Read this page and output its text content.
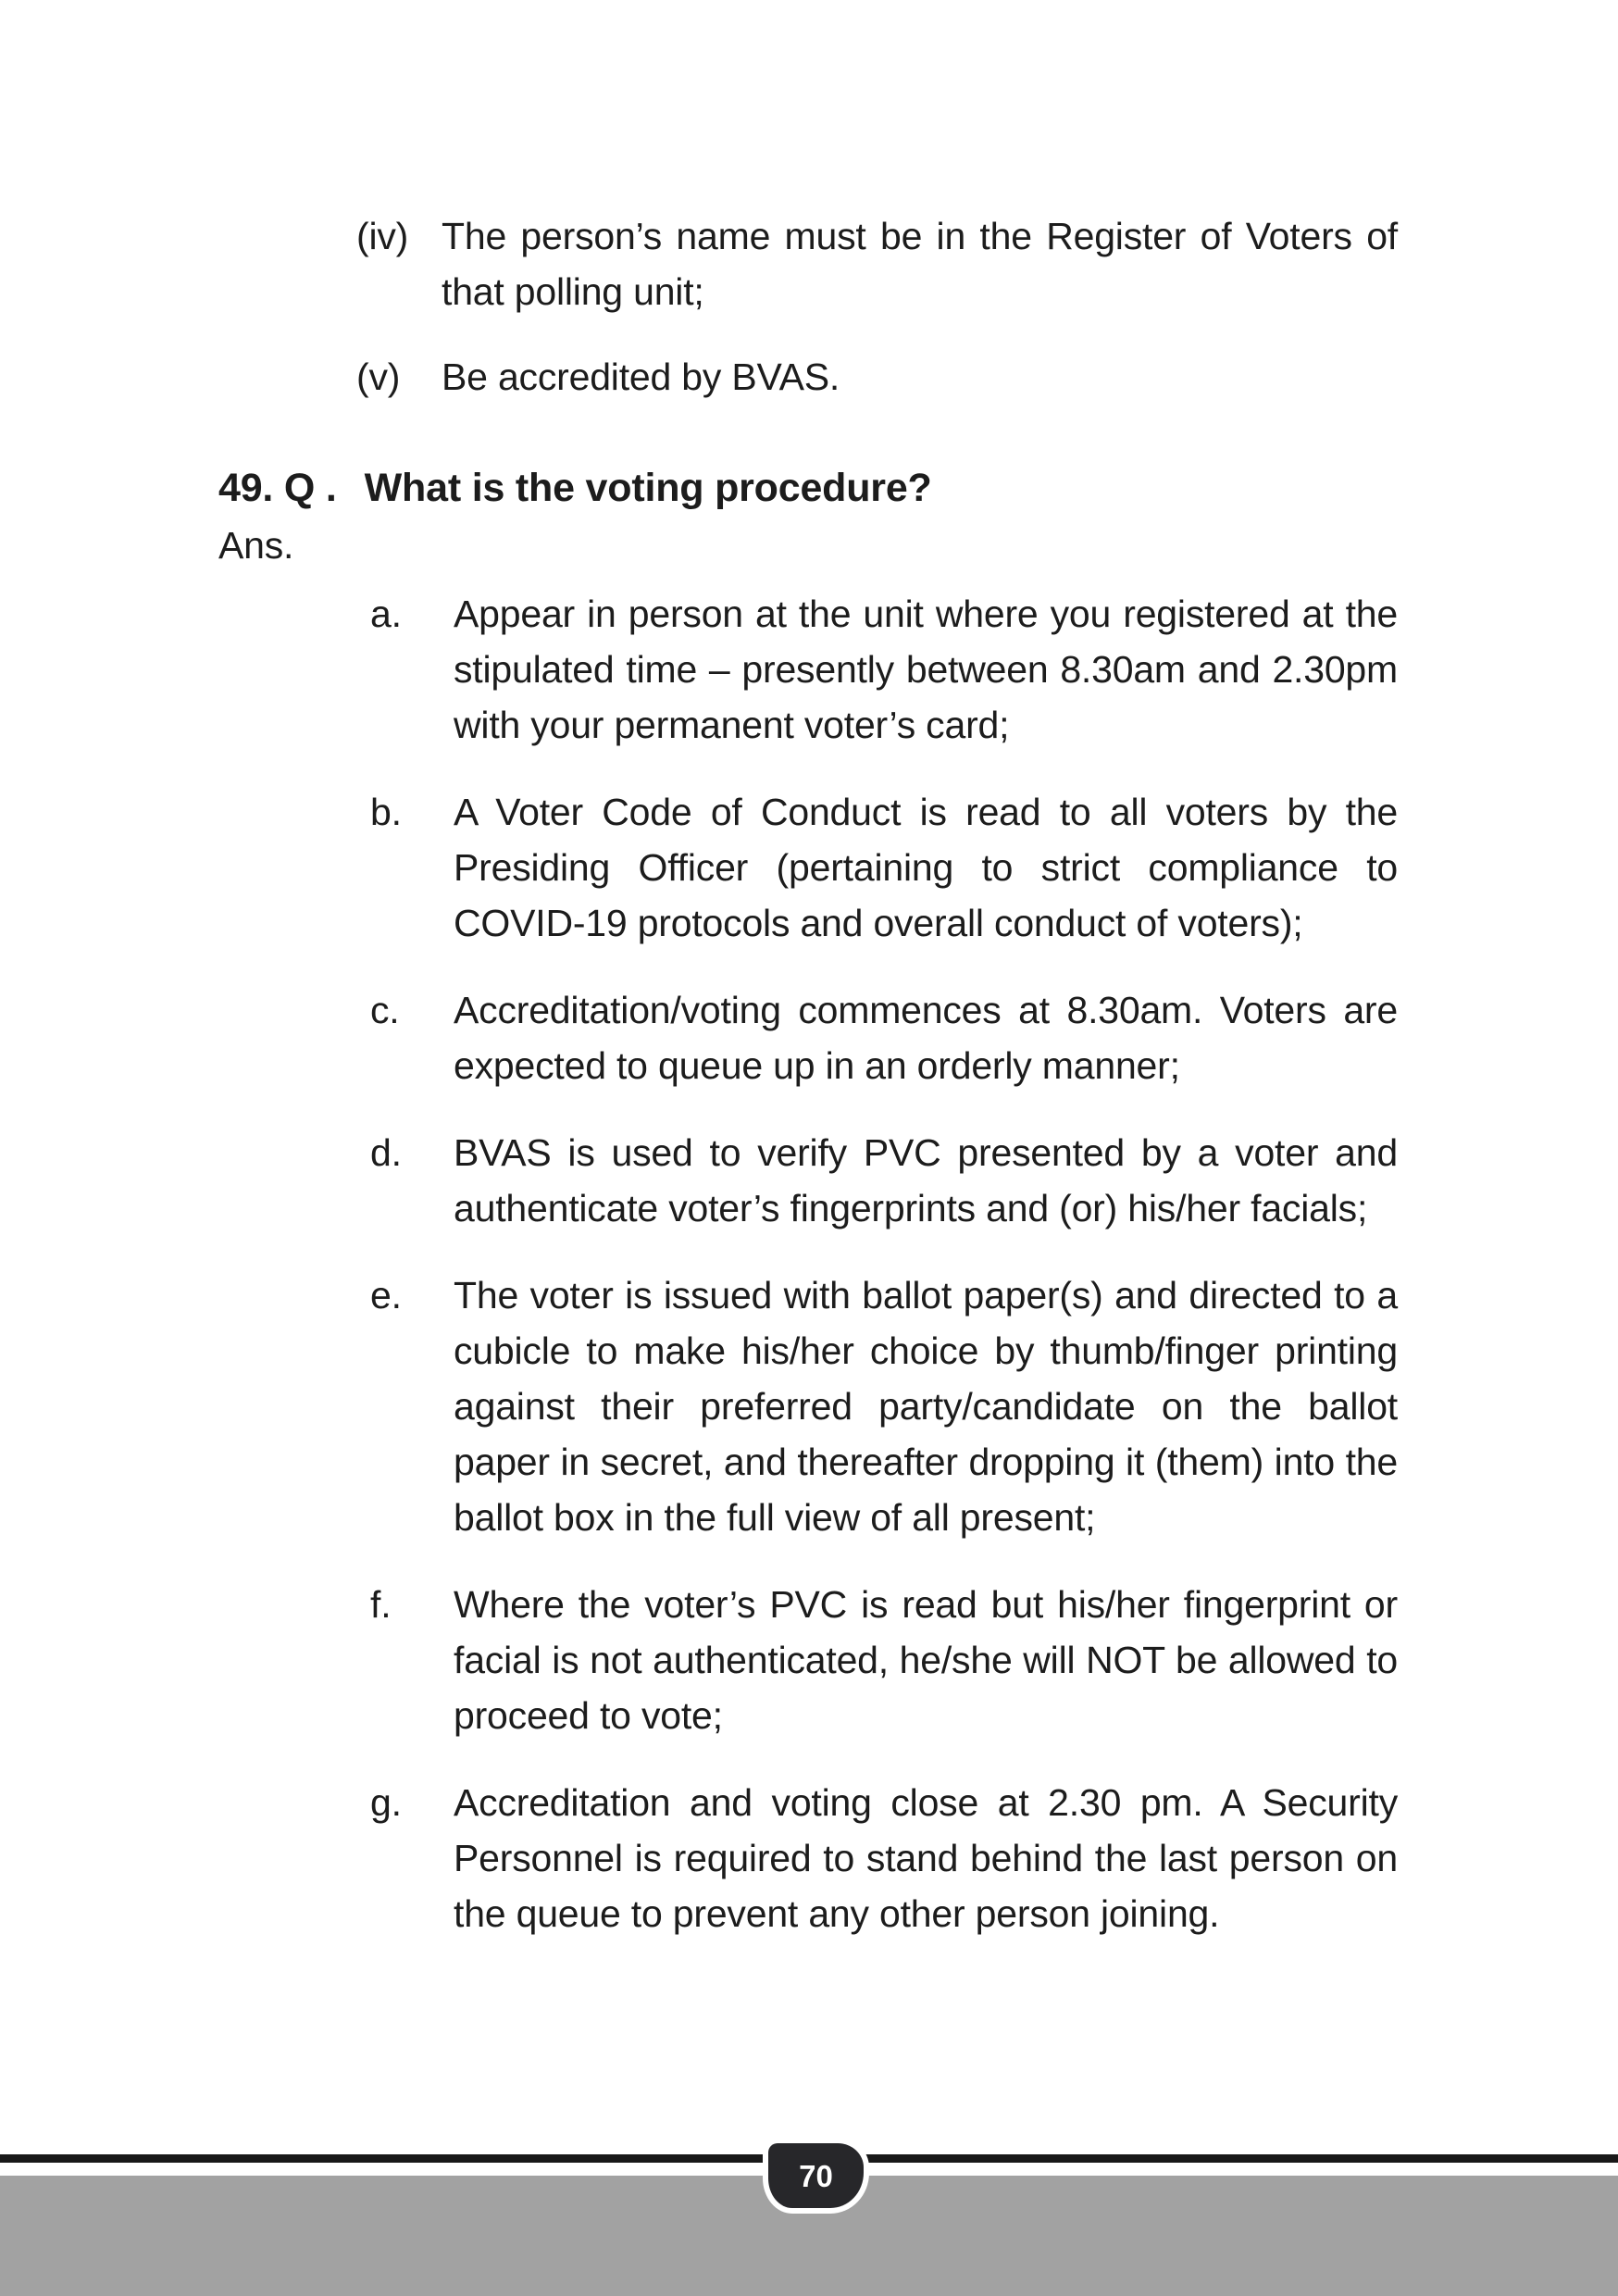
(iv) The person’s name must be in the Register of Voters of that polling unit;
(v)	Be accredited by BVAS.
49. Q . What is the voting procedure?
Ans.
a.	Appear in person at the unit where you registered at the stipulated time – presently between 8.30am and 2.30pm with your permanent voter’s card;
b.	A Voter Code of Conduct is read to all voters by the Presiding Officer (pertaining to strict compliance to COVID-19 protocols and overall conduct of voters);
c.	Accreditation/voting commences at 8.30am. Voters are expected to queue up in an orderly manner;
d.	BVAS is used to verify PVC presented by a voter and authenticate voter’s fingerprints and (or) his/her facials;
e.	The voter is issued with ballot paper(s) and directed to a cubicle to make his/her choice by thumb/finger printing against their preferred party/candidate on the ballot paper in secret, and thereafter dropping it (them) into the ballot box in the full view of all present;
f.	Where the voter’s PVC is read but his/her fingerprint or facial is not authenticated, he/she will NOT be allowed to proceed to vote;
g.	Accreditation and voting close at 2.30 pm. A Security Personnel is required to stand behind the last person on the queue to prevent any other person joining.
70
